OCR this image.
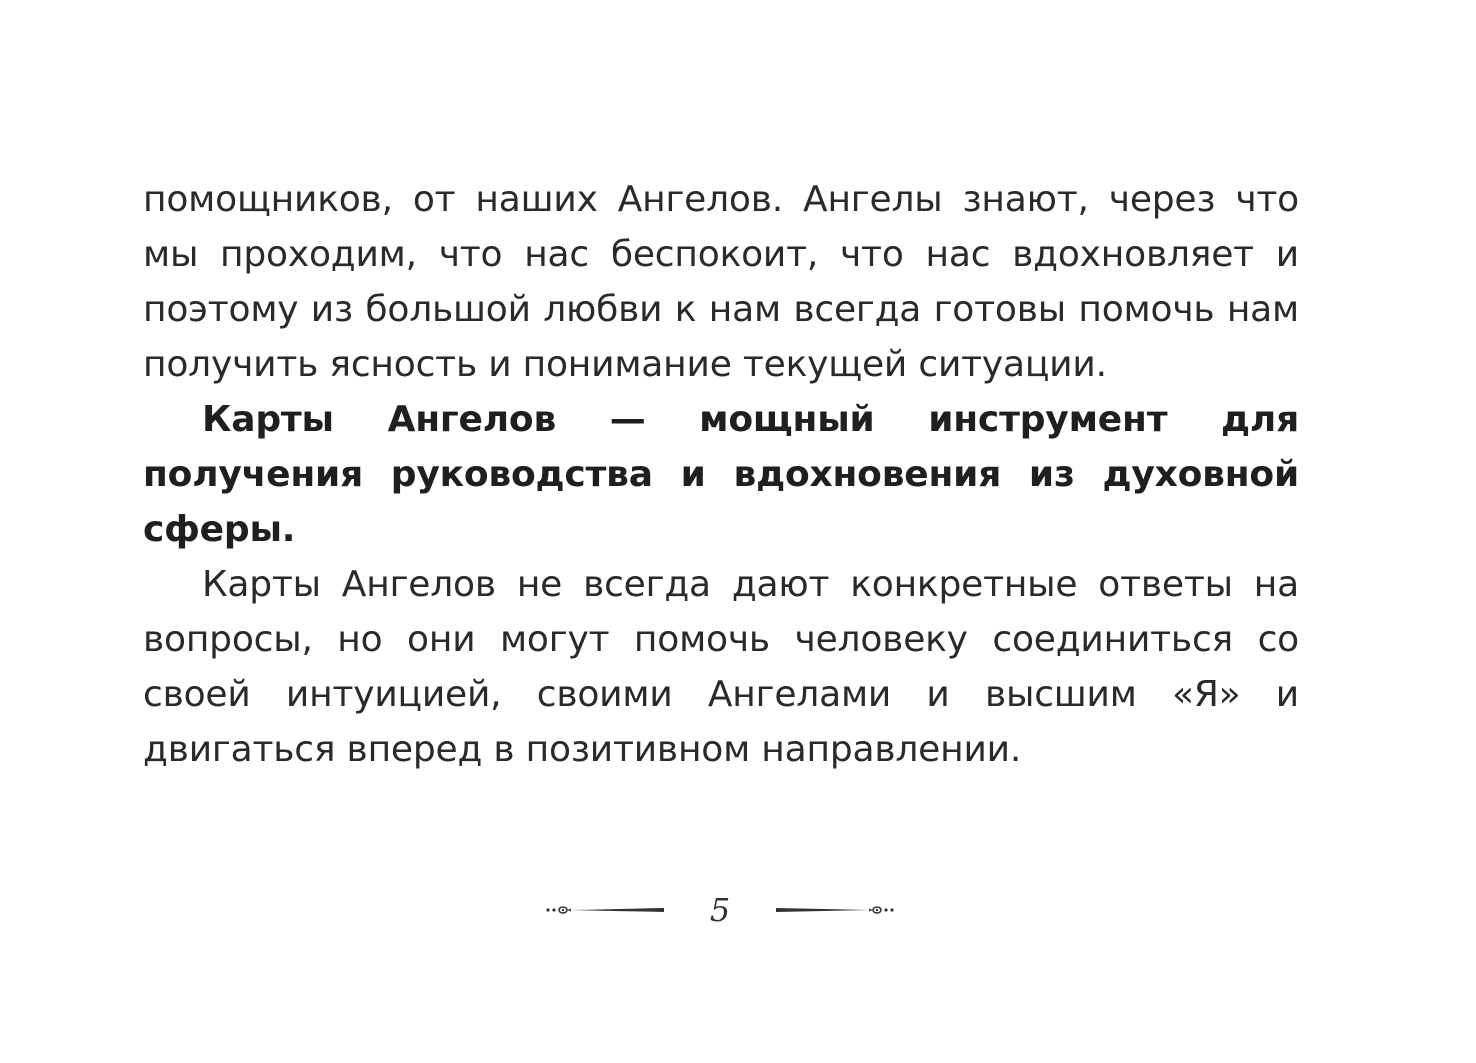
помощников, от наших Ангелов. Ангелы знают, через что мы проходим, что нас беспокоит, что нас вдохновляет и поэтому из большой любви к нам всегда готовы помочь нам получить ясность и понимание текущей ситуации.

Карты Ангелов — мощный инструмент для получения руководства и вдохновения из духовной сферы.

Карты Ангелов не всегда дают конкретные ответы на вопросы, но они могут помочь человеку соединиться со своей интуицией, своими Ангелами и высшим «Я» и двигаться вперед в позитивном направлении.

5
